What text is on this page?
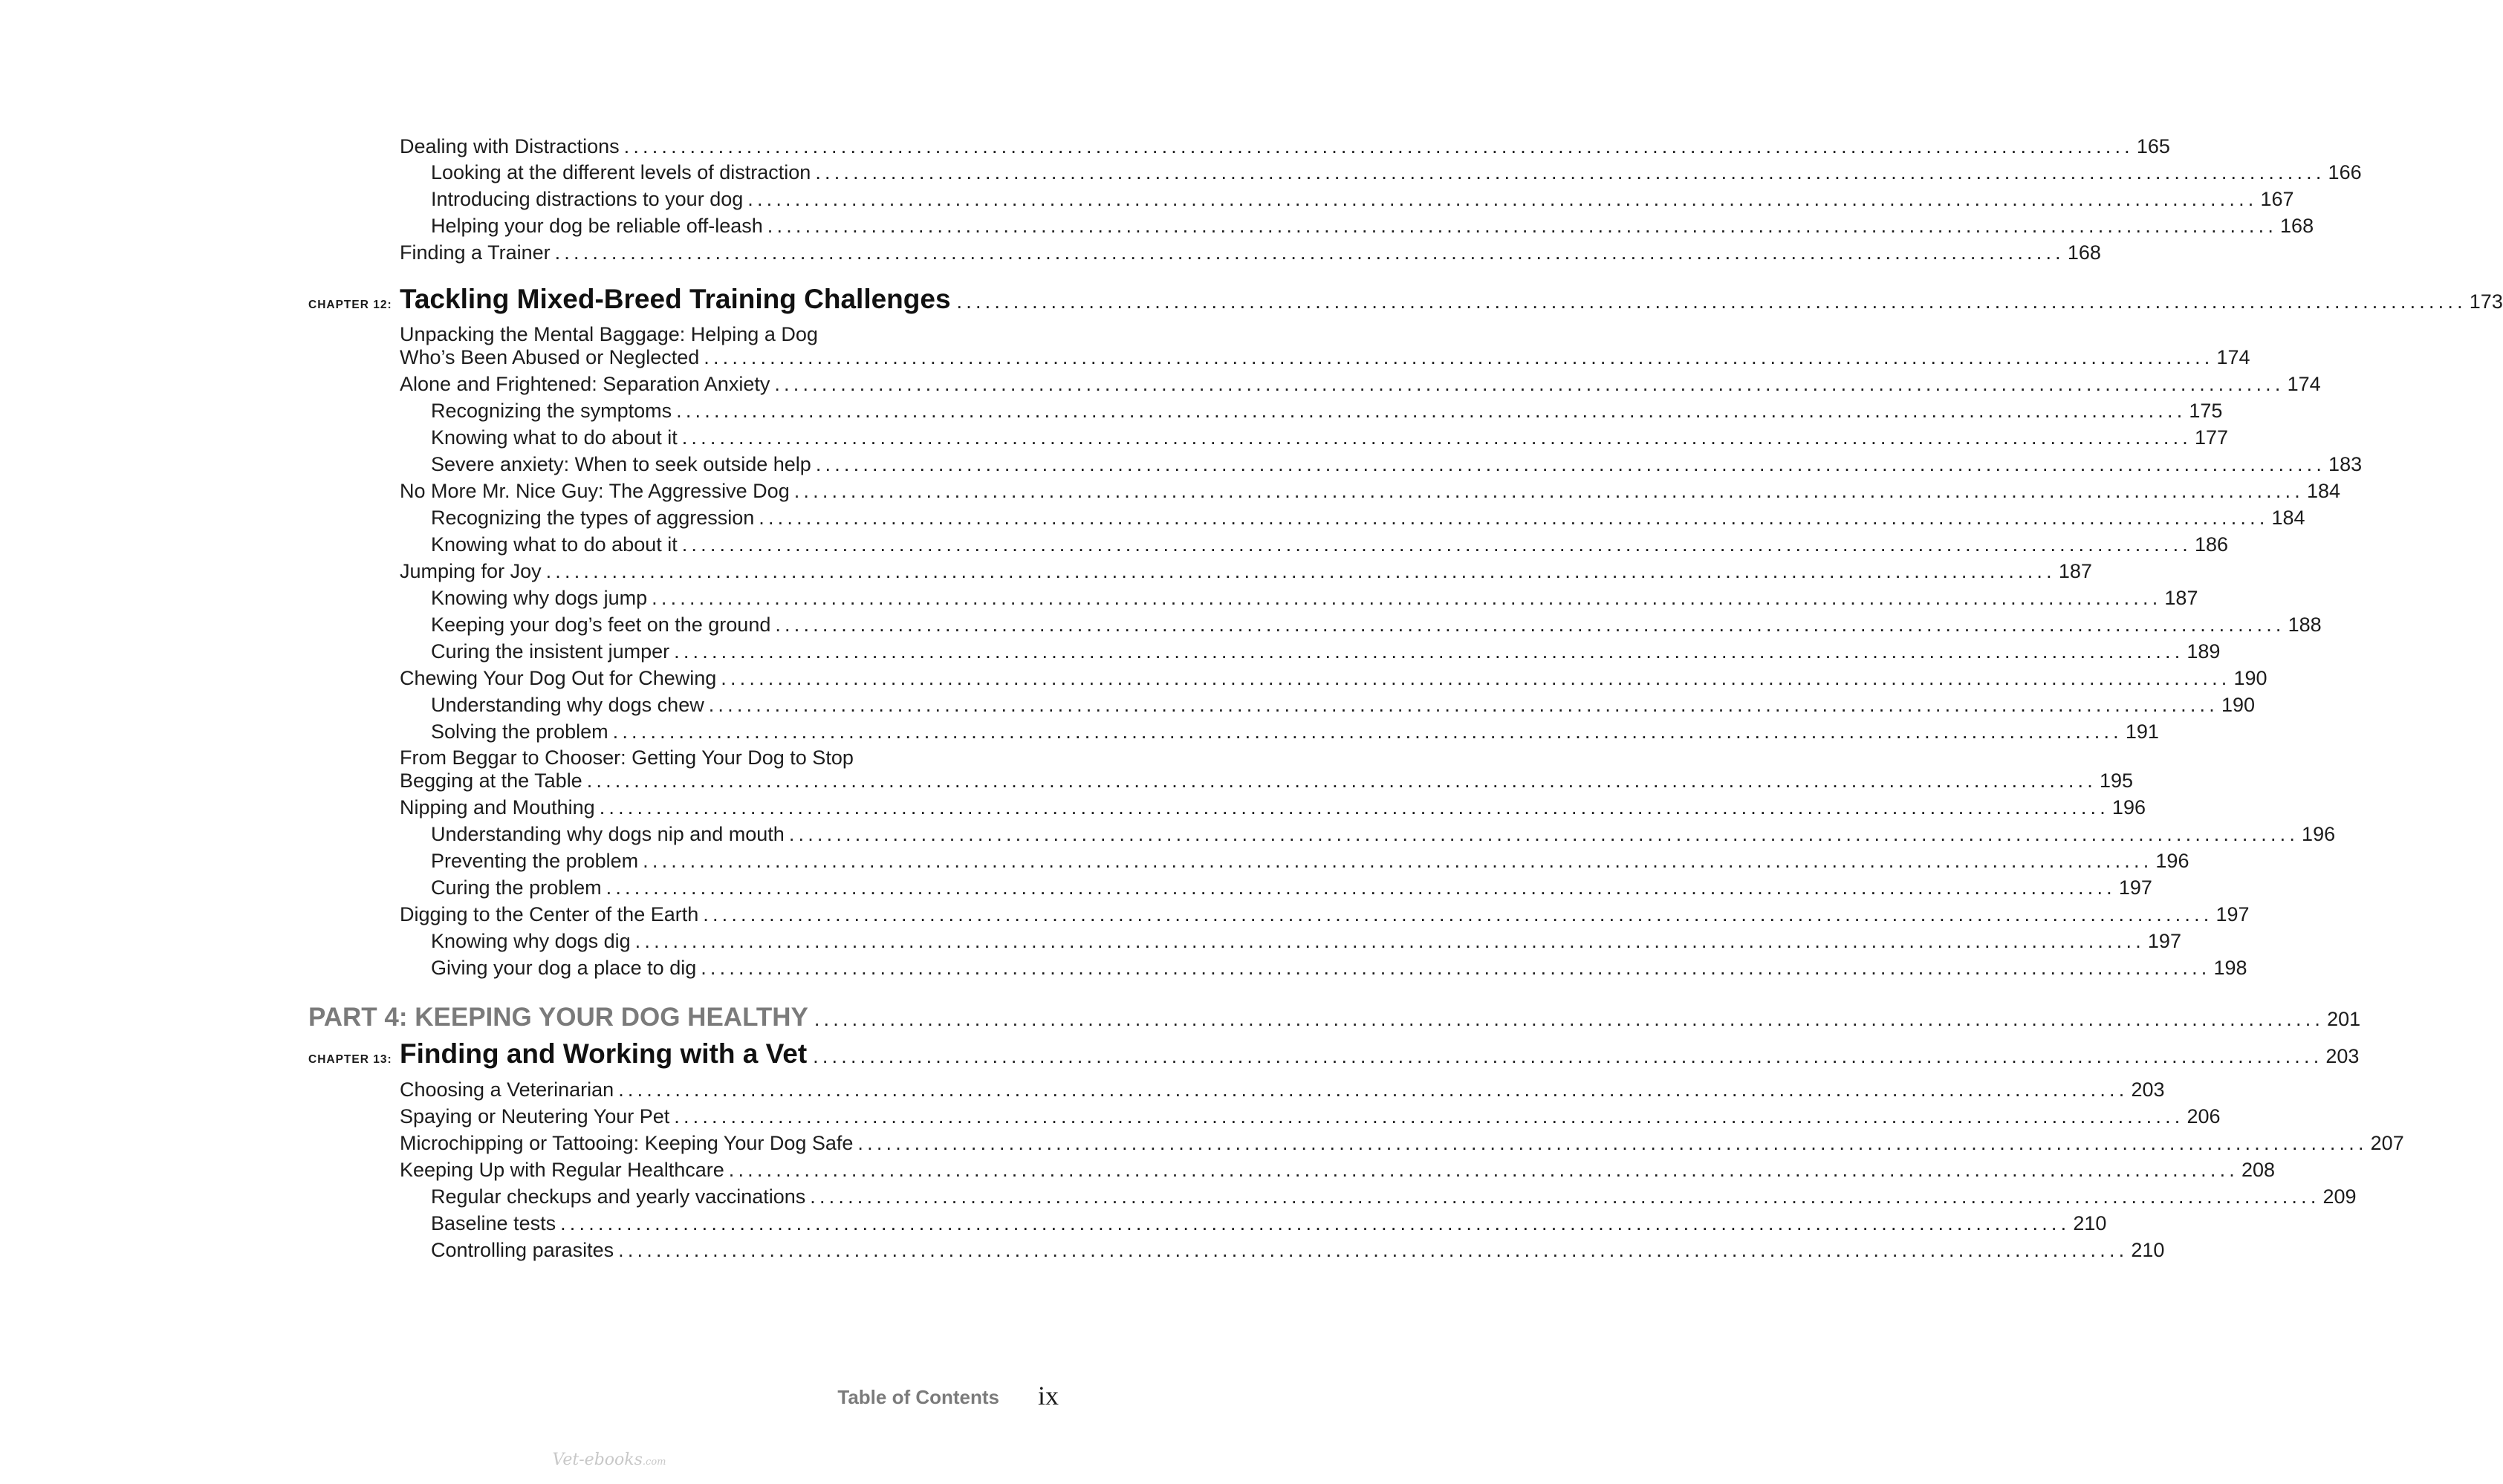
Dealing with Distractions ................................................................................................................................................................ 165
Looking at the different levels of distraction ................................................................................................................................................................ 166
Introducing distractions to your dog ................................................................................................................................................................ 167
Helping your dog be reliable off-leash ................................................................................................................................................................ 168
Finding a Trainer ................................................................................................................................................................ 168
CHAPTER 12: Tackling Mixed-Breed Training Challenges ................................................................................................................................................................ 173
Unpacking the Mental Baggage: Helping a Dog
Who’s Been Abused or Neglected ................................................................................................................................................................ 174
Alone and Frightened: Separation Anxiety ................................................................................................................................................................ 174
Recognizing the symptoms ................................................................................................................................................................ 175
Knowing what to do about it ................................................................................................................................................................ 177
Severe anxiety: When to seek outside help ................................................................................................................................................................ 183
No More Mr. Nice Guy: The Aggressive Dog ................................................................................................................................................................ 184
Recognizing the types of aggression ................................................................................................................................................................ 184
Knowing what to do about it ................................................................................................................................................................ 186
Jumping for Joy ................................................................................................................................................................ 187
Knowing why dogs jump ................................................................................................................................................................ 187
Keeping your dog’s feet on the ground ................................................................................................................................................................ 188
Curing the insistent jumper ................................................................................................................................................................ 189
Chewing Your Dog Out for Chewing ................................................................................................................................................................ 190
Understanding why dogs chew ................................................................................................................................................................ 190
Solving the problem ................................................................................................................................................................ 191
From Beggar to Chooser: Getting Your Dog to Stop
Begging at the Table ................................................................................................................................................................ 195
Nipping and Mouthing ................................................................................................................................................................ 196
Understanding why dogs nip and mouth ................................................................................................................................................................ 196
Preventing the problem ................................................................................................................................................................ 196
Curing the problem ................................................................................................................................................................ 197
Digging to the Center of the Earth ................................................................................................................................................................ 197
Knowing why dogs dig ................................................................................................................................................................ 197
Giving your dog a place to dig ................................................................................................................................................................ 198
PART 4: KEEPING YOUR DOG HEALTHY ................................................................................................................................................................ 201
CHAPTER 13: Finding and Working with a Vet ................................................................................................................................................................ 203
Choosing a Veterinarian ................................................................................................................................................................ 203
Spaying or Neutering Your Pet ................................................................................................................................................................ 206
Microchipping or Tattooing: Keeping Your Dog Safe ................................................................................................................................................................ 207
Keeping Up with Regular Healthcare ................................................................................................................................................................ 208
Regular checkups and yearly vaccinations ................................................................................................................................................................ 209
Baseline tests ................................................................................................................................................................ 210
Controlling parasites ................................................................................................................................................................ 210
Table of Contents	ix
Vet-ebooks.com
